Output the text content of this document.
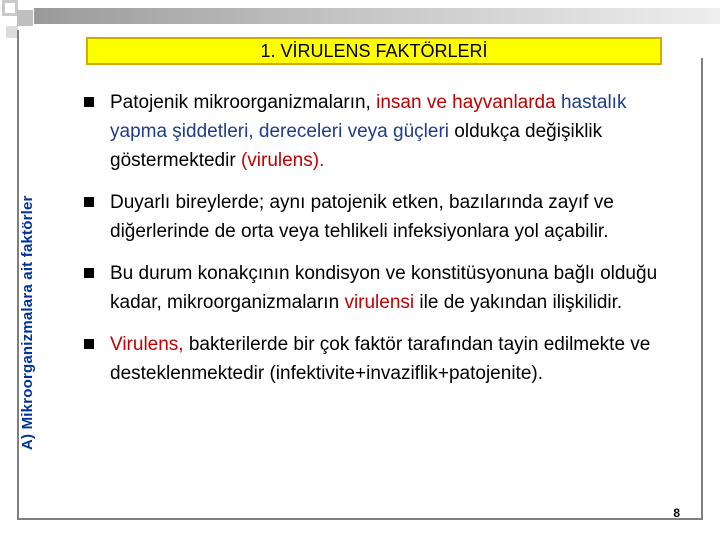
1. VİRULENS FAKTÖRLERİ
A) Mikroorganizmalara ait faktörler
Patojenik mikroorganizmaların, insan ve hayvanlarda hastalık yapma şiddetleri, dereceleri veya güçleri oldukça değişiklik göstermektedir (virulens).
Duyarlı bireylerde; aynı patojenik etken, bazılarında zayıf ve diğerlerinde de orta veya tehlikeli infeksiyonlara yol açabilir.
Bu durum konakçının kondisyon ve konstitüsyonuna bağlı olduğu kadar, mikroorganizmaların virulensi ile de yakından ilişkilidir.
Virulens, bakterilerde bir çok faktör tarafından tayin edilmekte ve desteklenmektedir (infektivite+invaziflik+patojenite).
8
